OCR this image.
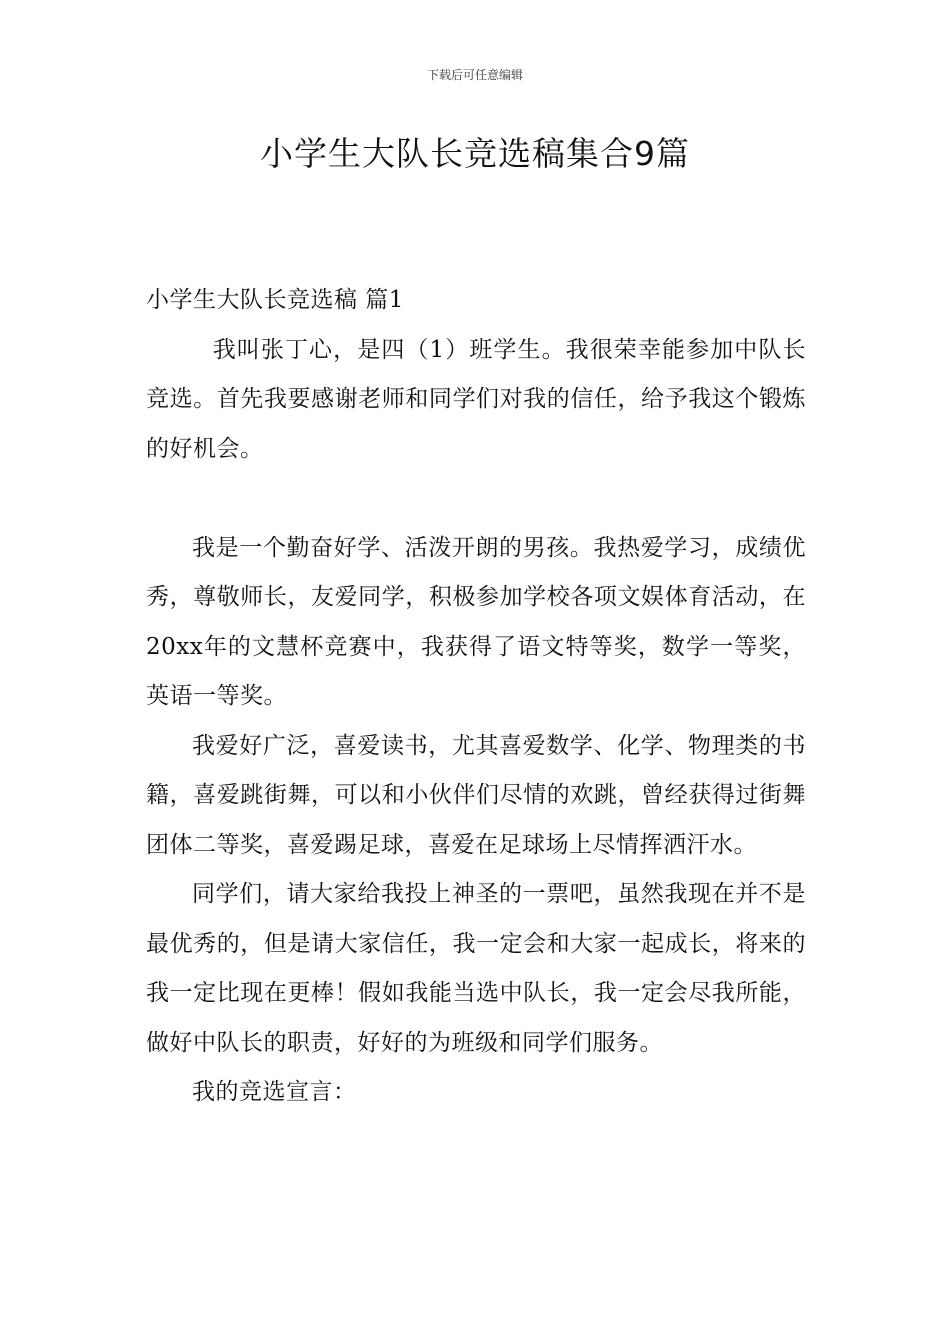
下载后可任意编辑
小学生大队长竞选稿集合9篇
小学生大队长竞选稿 篇1

我叫张丁心，是四（1）班学生。我很荣幸能参加中队长竞选。首先我要感谢老师和同学们对我的信任，给予我这个锻炼的好机会。

我是一个勤奋好学、活泼开朗的男孩。我热爱学习，成绩优秀，尊敬师长，友爱同学，积极参加学校各项文娱体育活动，在20xx年的文慧杯竞赛中，我获得了语文特等奖，数学一等奖，英语一等奖。

我爱好广泛，喜爱读书，尤其喜爱数学、化学、物理类的书籍，喜爱跳街舞，可以和小伙伴们尽情的欢跳，曾经获得过街舞团体二等奖，喜爱踢足球，喜爱在足球场上尽情挥洒汗水。

同学们，请大家给我投上神圣的一票吧，虽然我现在并不是最优秀的，但是请大家信任，我一定会和大家一起成长，将来的我一定比现在更棒！假如我能当选中队长，我一定会尽我所能，做好中队长的职责，好好的为班级和同学们服务。

我的竞选宣言：
